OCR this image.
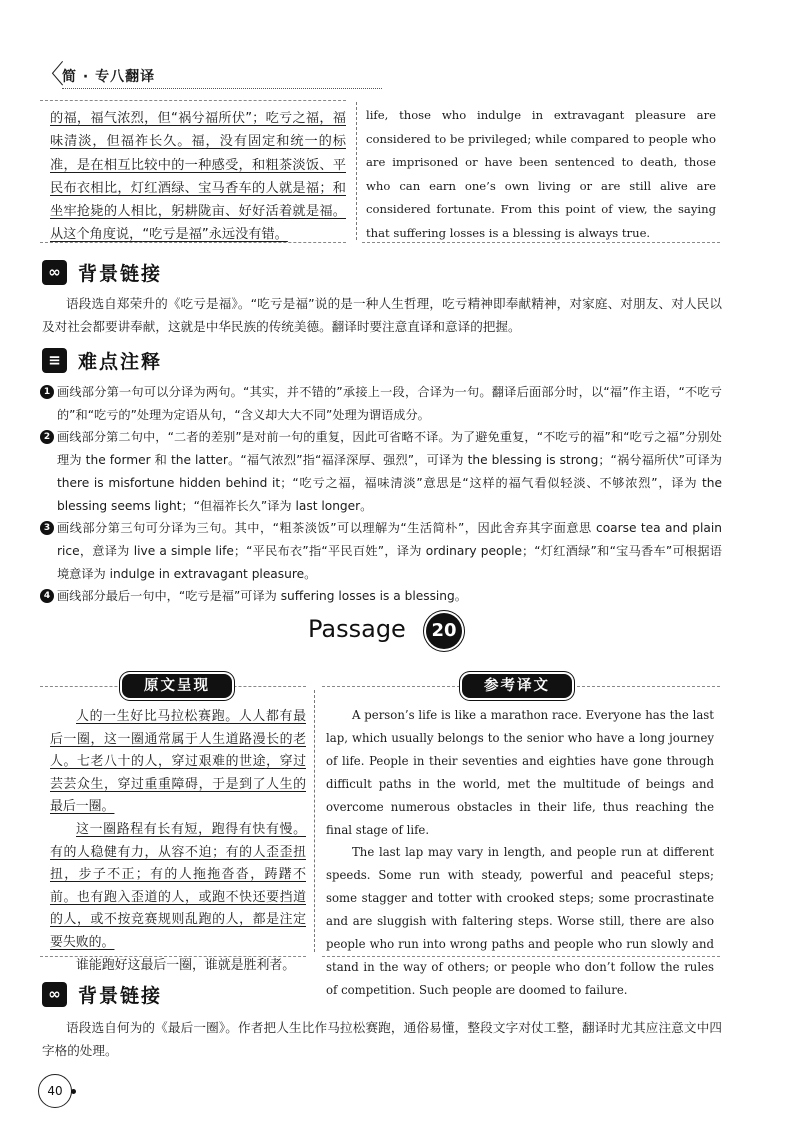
〈
简 · 专八翻译
的福，福气浓烈，但“祸兮福所伏”；吃亏之福，福味清淡，但福祚长久。福，没有固定和统一的标准，是在相互比较中的一种感受，和粗茶淡饭、平民布衣相比，灯红酒绿、宝马香车的人就是福；和坐牢抢毙的人相比，躬耕陇亩、好好活着就是福。从这个角度说，“吃亏是福”永远没有错。
life, those who indulge in extravagant pleasure are considered to be privileged; while compared to people who are imprisoned or have been sentenced to death, those who can earn one’s own living or are still alive are considered fortunate. From this point of view, the saying that suffering losses is a blessing is always true.
∞ 背景链接
语段选自郑荣升的《吃亏是福》。“吃亏是福”说的是一种人生哲理，吃亏精神即奉献精神，对家庭、对朋友、对人民以及对社会都要讲奉献，这就是中华民族的传统美德。翻译时要注意直译和意译的把握。
≡ 难点注释
1 画线部分第一句可以分译为两句。“其实，并不错的”承接上一段，合译为一句。翻译后面部分时，以“福”作主语，“不吃亏的”和“吃亏的”处理为定语从句，“含义却大大不同”处理为谓语成分。
2 画线部分第二句中，“二者的差别”是对前一句的重复，因此可省略不译。为了避免重复，“不吃亏的福”和“吃亏之福”分别处理为 the former 和 the latter。“福气浓烈”指“福泽深厚、强烈”，可译为 the blessing is strong；“祸兮福所伏”可译为 there is misfortune hidden behind it；“吃亏之福，福味清淡”意思是“这样的福气看似轻淡、不够浓烈”，译为 the blessing seems light；“但福祚长久”译为 last longer。
3 画线部分第三句可分译为三句。其中，“粗茶淡饭”可以理解为“生活简朴”，因此舍弃其字面意思 coarse tea and plain rice，意译为 live a simple life；“平民布衣”指“平民百姓”，译为 ordinary people；“灯红酒绿”和“宝马香车”可根据语境意译为 indulge in extravagant pleasure。
4 画线部分最后一句中，“吃亏是福”可译为 suffering losses is a blessing。
Passage	20
原文呈现	参考译文

人的一生好比马拉松赛跑。人人都有最后一圈，这一圈通常属于人生道路漫长的老人。七老八十的人，穿过艰难的世途，穿过芸芸众生，穿过重重障碍，于是到了人生的最后一圈。

这一圈路程有长有短，跑得有快有慢。有的人稳健有力，从容不迫；有的人歪歪扭扭，步子不正；有的人拖拖沓沓，踌躇不前。也有跑入歪道的人，或跑不快还要挡道的人，或不按竞赛规则乱跑的人，都是注定要失败的。

谁能跑好这最后一圈，谁就是胜利者。

A person’s life is like a marathon race. Everyone has the last lap, which usually belongs to the senior who have a long journey of life. People in their seventies and eighties have gone through difficult paths in the world, met the multitude of beings and overcome numerous obstacles in their life, thus reaching the final stage of life.

The last lap may vary in length, and people run at different speeds. Some run with steady, powerful and peaceful steps; some stagger and totter with crooked steps; some procrastinate and are sluggish with faltering steps. Worse still, there are also people who run into wrong paths and people who run slowly and stand in the way of others; or people who don’t follow the rules of competition. Such people are doomed to failure.

∞ 背景链接
语段选自何为的《最后一圈》。作者把人生比作马拉松赛跑，通俗易懂，整段文字对仗工整，翻译时尤其应注意文中四字格的处理。
40
